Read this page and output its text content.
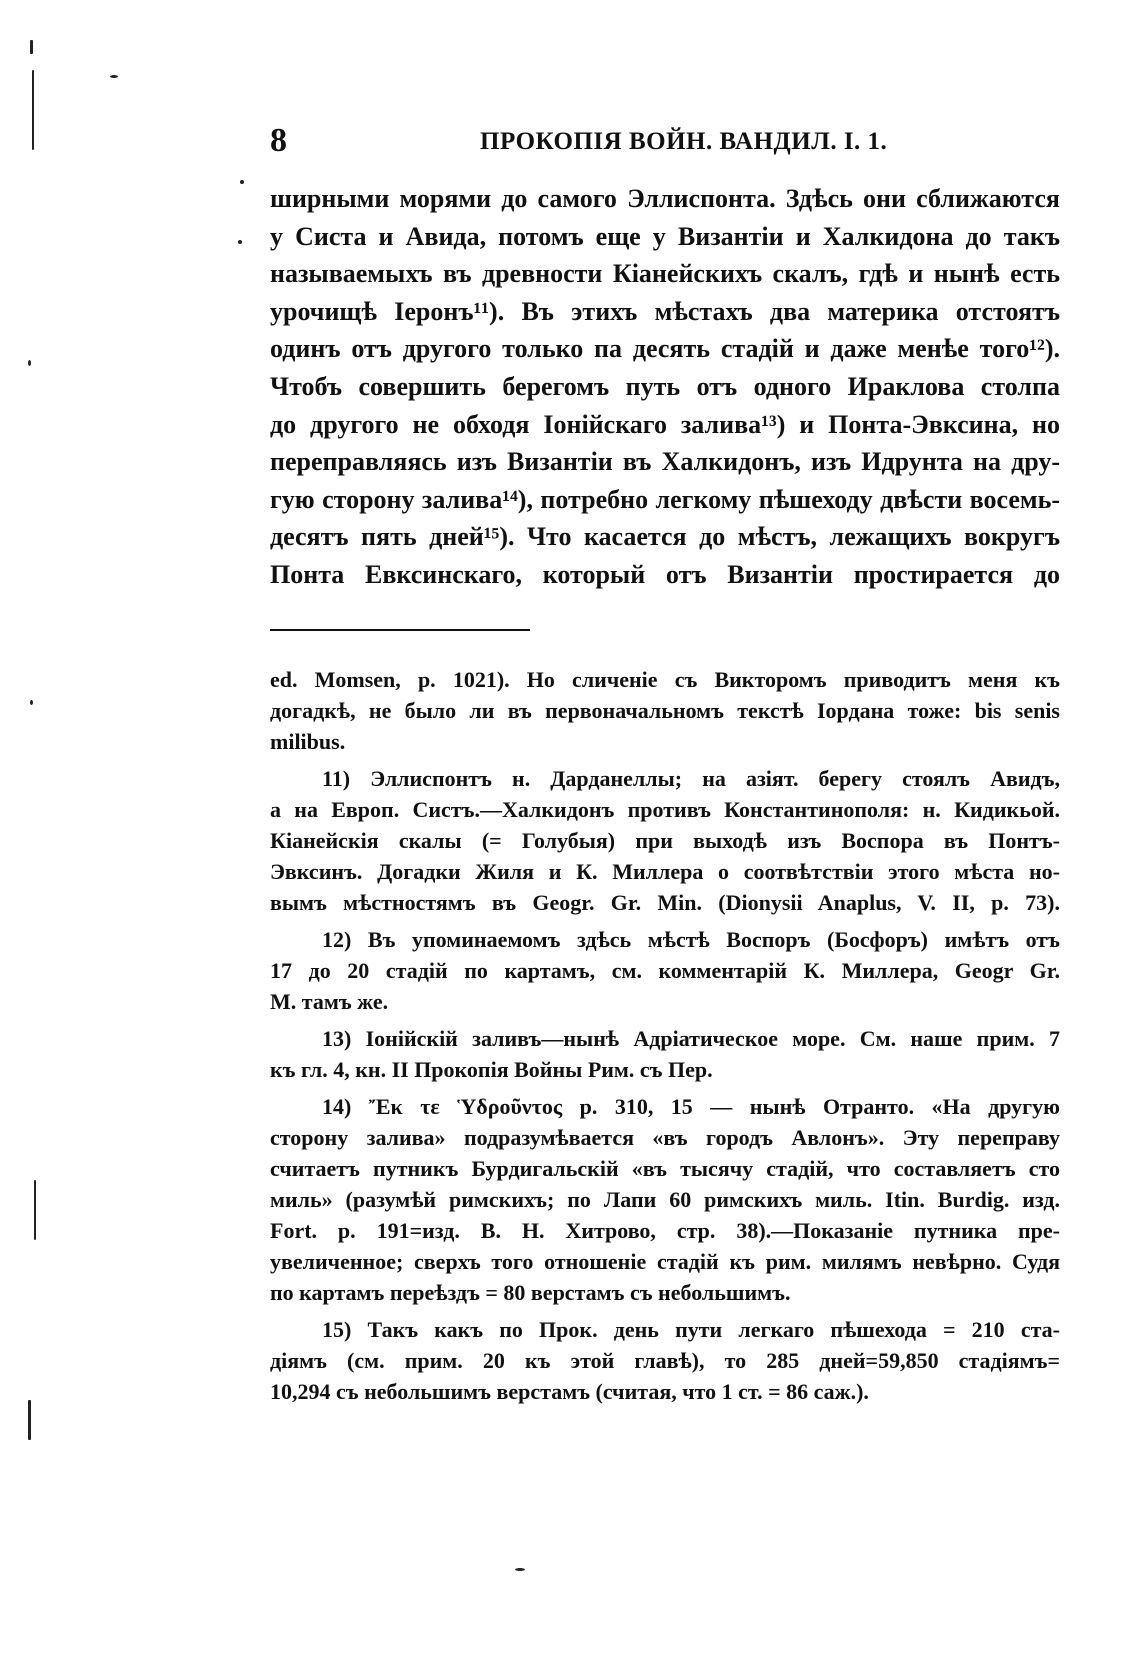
8	ПРОКОПІЯ ВОЙН. ВАНДИЛ. I. 1.
ширными морями до самого Эллиспонта. Здѣсь они сближаются
у Систа и Авида, потомъ еще у Византіи и Халкидона до такъ
называемыхъ въ древности Кіанейскихъ скалъ, гдѣ и нынѣ есть
урочищѣ Іеронъ¹¹). Въ этихъ мѣстахъ два материка отстоятъ
одинъ отъ другого только па десять стадій и даже менѣе того¹²).
Чтобъ совершить берегомъ путь отъ одного Иракловa столпа
до другого не обходя Іонійскаго залива¹³) и Понта-Эвксина, но
переправляясь изъ Византіи въ Халкидонъ, изъ Идрунта на дру-
гую сторону залива¹⁴), потребно легкому пѣшеходу двѣсти восемь-
десятъ пять дней¹⁵). Что касается до мѣстъ, лежащихъ вокругъ
Понта Евксинскаго, который отъ Византіи простирается до
ed. Momsen, p. 1021). Но сличеніе съ Викторомъ приводитъ меня къ
догадкѣ, не было ли въ первоначальномъ текстѣ Іордана тоже: bis senis
milibus.
11) Эллиспонтъ н. Дарданеллы; на азіят. берегу стоялъ Авидъ,
а на Европ. Систъ.—Халкидонъ противъ Константинополя: н. Кидикьой.
Кіанейскія скалы (= Голубыя) при выходѣ изъ Воспора въ Понтъ-
Эвксинъ. Догадки Жиля и К. Миллера о соотвѣтствіи этого мѣста но-
вымъ мѣстностямъ въ Geogr. Gr. Min. (Dionysii Anaplus, V. II, p. 73).
12) Въ упоминаемомъ здѣсь мѣстѣ Воспоръ (Босфоръ) имѣтъ отъ
17 до 20 стадій по картамъ, см. комментарій К. Миллера, Geogr Gr.
M. тамъ же.
13) Іонійскій заливъ—нынѣ Адріатическое море. См. наше прим. 7
къ гл. 4, кн. II Прокопія Войны Рим. съ Пер.
14) Ἔκ τε Ὑδροῦντος p. 310, 15 — нынѣ Отранто. «На другую
сторону залива» подразумѣвается «въ городъ Авлонъ». Эту переправу
считаетъ путникъ Бурдигальскій «въ тысячу стадій, что составляетъ сто
миль» (разумѣй римскихъ; по Лапи 60 римскихъ миль. Itin. Burdig. изд.
Fort. p. 191=изд. В. Н. Хитрово, стр. 38).—Показаніе путника пре-
увеличенное; сверхъ того отношеніе стадій къ рим. милямъ невѣрно. Судя
по картамъ переѣздъ = 80 верстамъ съ небольшимъ.
15) Такъ какъ по Прок. день пути легкаго пѣшехода = 210 ста-
діямъ (см. прим. 20 къ этой главѣ), то 285 дней=59,850 стадіямъ=
10,294 съ небольшимъ верстамъ (считая, что 1 ст. = 86 саж.).
